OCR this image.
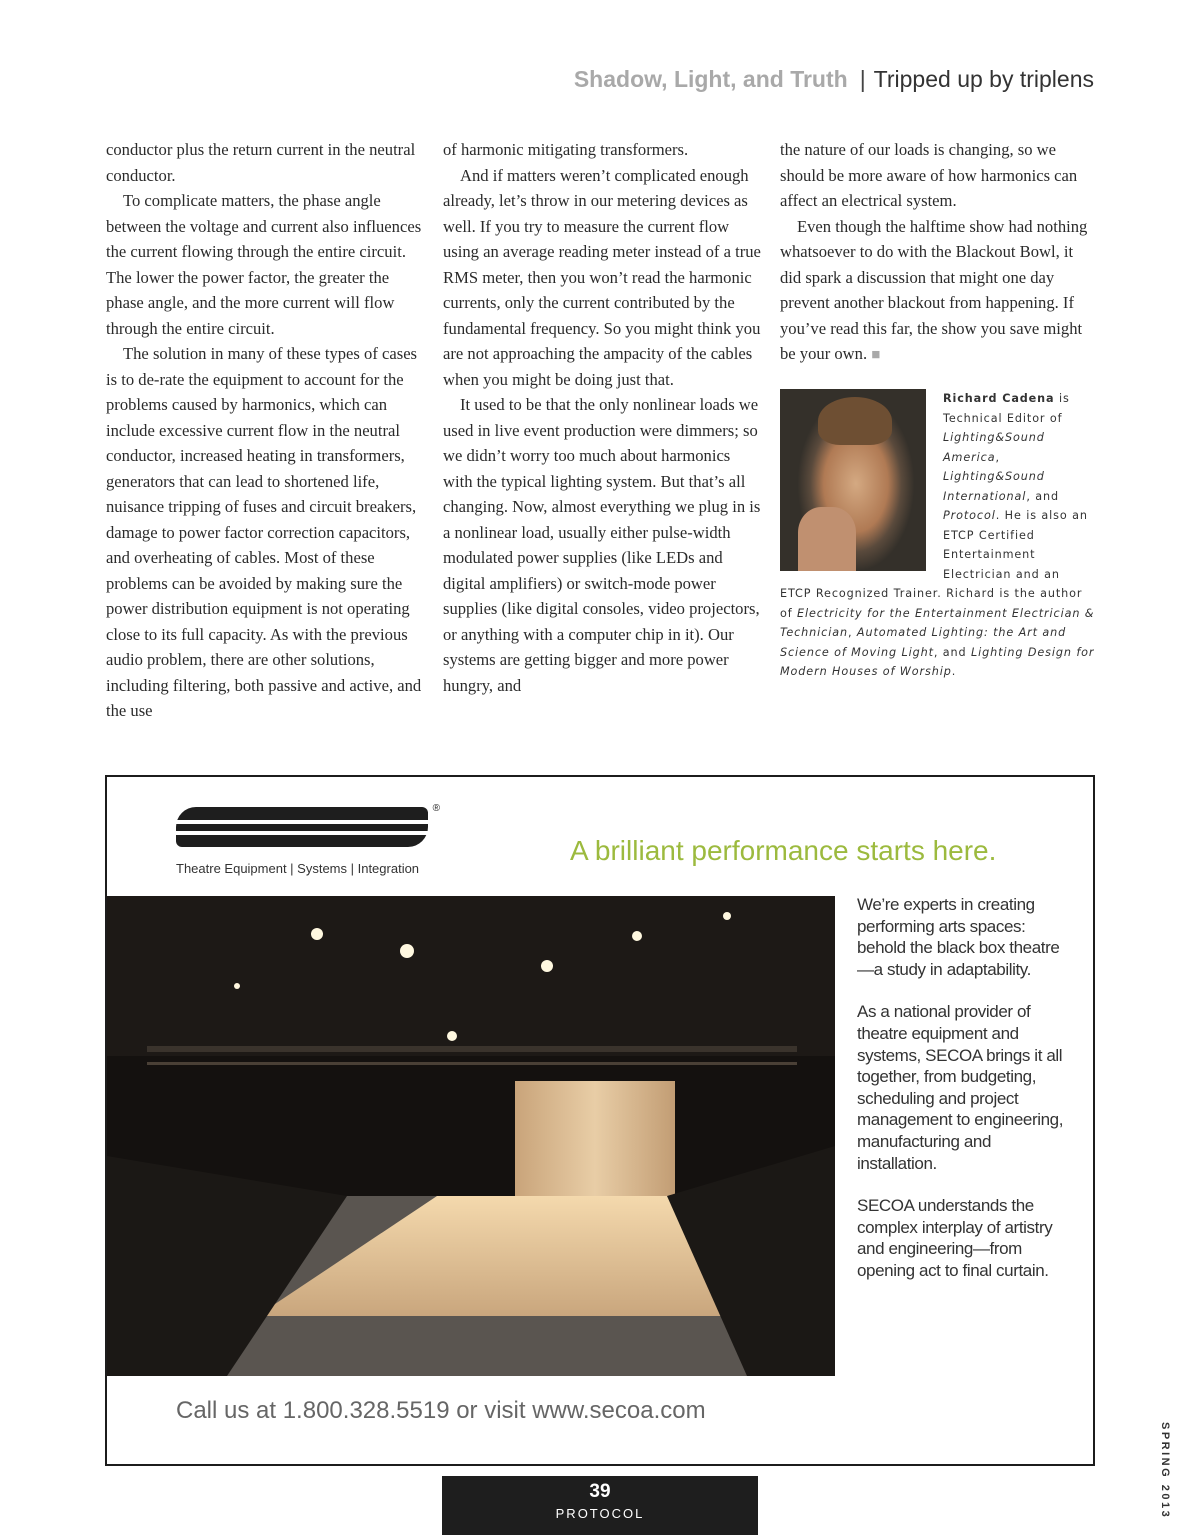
Shadow, Light, and Truth | Tripped up by triplens

conductor plus the return current in the neutral conductor.

To complicate matters, the phase angle between the voltage and current also influences the current flowing through the entire circuit. The lower the power factor, the greater the phase angle, and the more current will flow through the entire circuit.

The solution in many of these types of cases is to de-rate the equipment to account for the problems caused by harmonics, which can include excessive current flow in the neutral conductor, increased heating in transformers, generators that can lead to shortened life, nuisance tripping of fuses and circuit breakers, damage to power factor correction capacitors, and overheating of cables. Most of these problems can be avoided by making sure the power distribution equipment is not operating close to its full capacity. As with the previous audio problem, there are other solutions, including filtering, both passive and active, and the use

of harmonic mitigating transformers.

And if matters weren’t complicated enough already, let’s throw in our metering devices as well. If you try to measure the current flow using an average reading meter instead of a true RMS meter, then you won’t read the harmonic currents, only the current contributed by the fundamental frequency. So you might think you are not approaching the ampacity of the cables when you might be doing just that.

It used to be that the only nonlinear loads we used in live event production were dimmers; so we didn’t worry too much about harmonics with the typical lighting system. But that’s all changing. Now, almost everything we plug in is a nonlinear load, usually either pulse-width modulated power supplies (like LEDs and digital amplifiers) or switch-mode power supplies (like digital consoles, video projectors, or anything with a computer chip in it). Our systems are getting bigger and more power hungry, and

the nature of our loads is changing, so we should be more aware of how harmonics can affect an electrical system.

Even though the halftime show had nothing whatsoever to do with the Blackout Bowl, it did spark a discussion that might one day prevent another blackout from happening. If you’ve read this far, the show you save might be your own. ■

Richard Cadena is Technical Editor of Lighting&Sound America, Lighting&Sound International, and Protocol. He is also an ETCP Certified Entertainment Electrician and an ETCP Recognized Trainer. Richard is the author of Electricity for the Entertainment Electrician & Technician, Automated Lighting: the Art and Science of Moving Light, and Lighting Design for Modern Houses of Worship.
®
Theatre Equipment | Systems | Integration
A brilliant performance starts here.

We’re experts in creating performing arts spaces: behold the black box theatre—a study in adaptability.

As a national provider of theatre equipment and systems, SECOA brings it all together, from budgeting, scheduling and project management to engineering, manufacturing and installation.

SECOA understands the complex interplay of artistry and engineering—from opening act to final curtain.

Call us at 1.800.328.5519 or visit www.secoa.com
39
PROTOCOL	SPRING 2013
